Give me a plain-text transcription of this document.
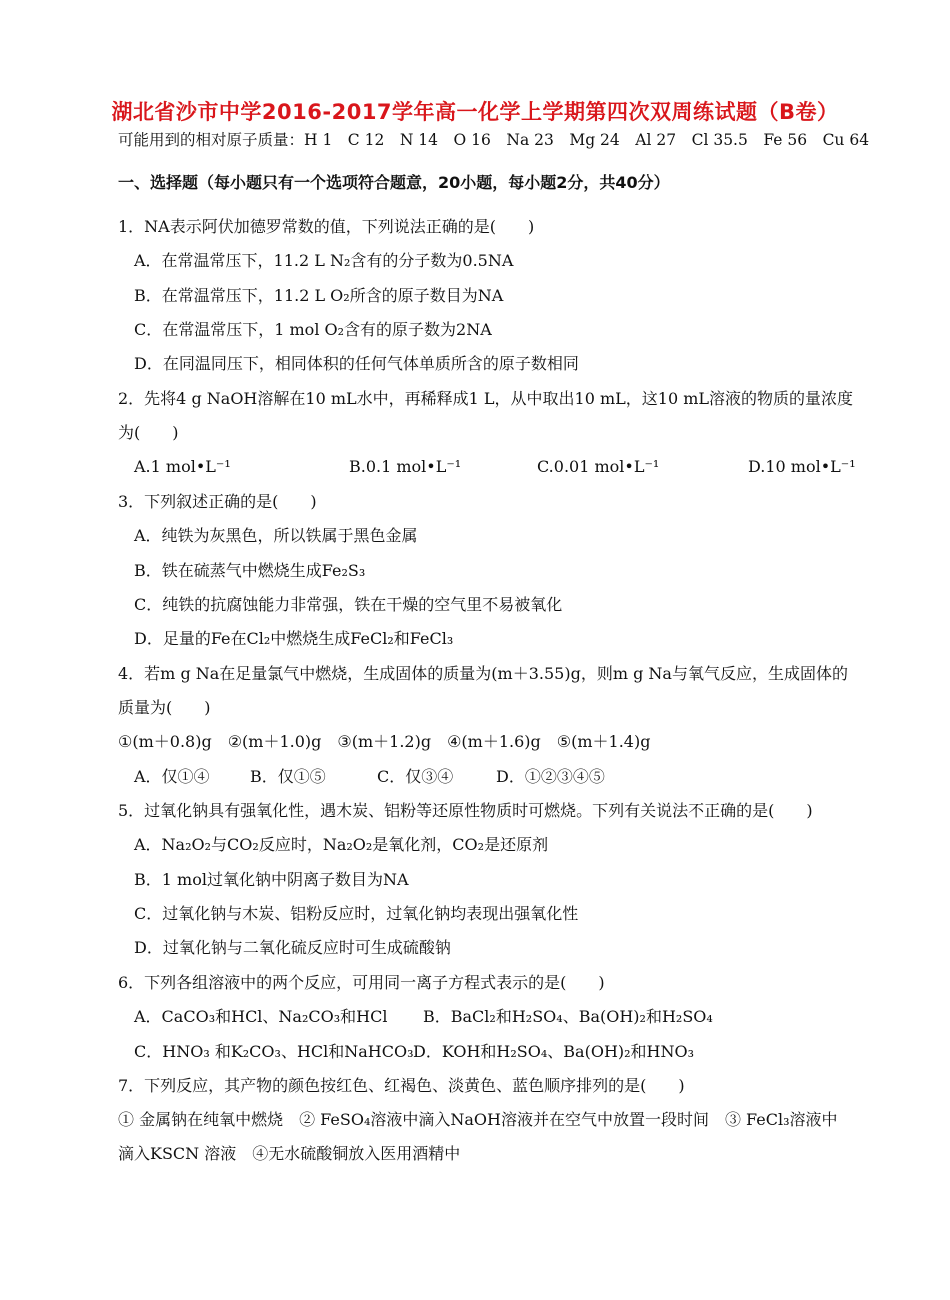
湖北省沙市中学2016-2017学年高一化学上学期第四次双周练试题（B卷）
可能用到的相对原子质量：H 1　C 12　N 14　O 16　Na 23　Mg 24　Al 27　Cl 35.5　Fe 56　Cu 64
一、选择题（每小题只有一个选项符合题意，20小题，每小题2分，共40分）
1．NA表示阿伏加德罗常数的值，下列说法正确的是(　　)
A．在常温常压下，11.2 L N₂含有的分子数为0.5NA
B．在常温常压下，11.2 L O₂所含的原子数目为NA
C．在常温常压下，1 mol O₂含有的原子数为2NA
D．在同温同压下，相同体积的任何气体单质所含的原子数相同
2．先将4 g NaOH溶解在10 mL水中，再稀释成1 L，从中取出10 mL，这10 mL溶液的物质的量浓度
为(　　)
A.1 mol•L⁻¹	B.0.1 mol•L⁻¹	C.0.01 mol•L⁻¹	D.10 mol•L⁻¹
3．下列叙述正确的是(　　)
A．纯铁为灰黑色，所以铁属于黑色金属
B．铁在硫蒸气中燃烧生成Fe₂S₃
C．纯铁的抗腐蚀能力非常强，铁在干燥的空气里不易被氧化
D．足量的Fe在Cl₂中燃烧生成FeCl₂和FeCl₃
4．若m g Na在足量氯气中燃烧，生成固体的质量为(m＋3.55)g，则m g Na与氧气反应，生成固体的
质量为(　　)
①(m＋0.8)g　②(m＋1.0)g　③(m＋1.2)g　④(m＋1.6)g　⑤(m＋1.4)g
A．仅①④	B．仅①⑤	C．仅③④	D．①②③④⑤
5．过氧化钠具有强氧化性，遇木炭、铝粉等还原性物质时可燃烧。下列有关说法不正确的是(　　)
A．Na₂O₂与CO₂反应时，Na₂O₂是氧化剂，CO₂是还原剂
B．1 mol过氧化钠中阴离子数目为NA
C．过氧化钠与木炭、铝粉反应时，过氧化钠均表现出强氧化性
D．过氧化钠与二氧化硫反应时可生成硫酸钠
6．下列各组溶液中的两个反应，可用同一离子方程式表示的是(　　)
A．CaCO₃和HCl、Na₂CO₃和HCl B．BaCl₂和H₂SO₄、Ba(OH)₂和H₂SO₄
C．HNO₃ 和K₂CO₃、HCl和NaHCO₃ D．KOH和H₂SO₄、Ba(OH)₂和HNO₃
7．下列反应，其产物的颜色按红色、红褐色、淡黄色、蓝色顺序排列的是(　　)
① 金属钠在纯氧中燃烧　② FeSO₄溶液中滴入NaOH溶液并在空气中放置一段时间　③ FeCl₃溶液中
滴入KSCN 溶液　④无水硫酸铜放入医用酒精中
